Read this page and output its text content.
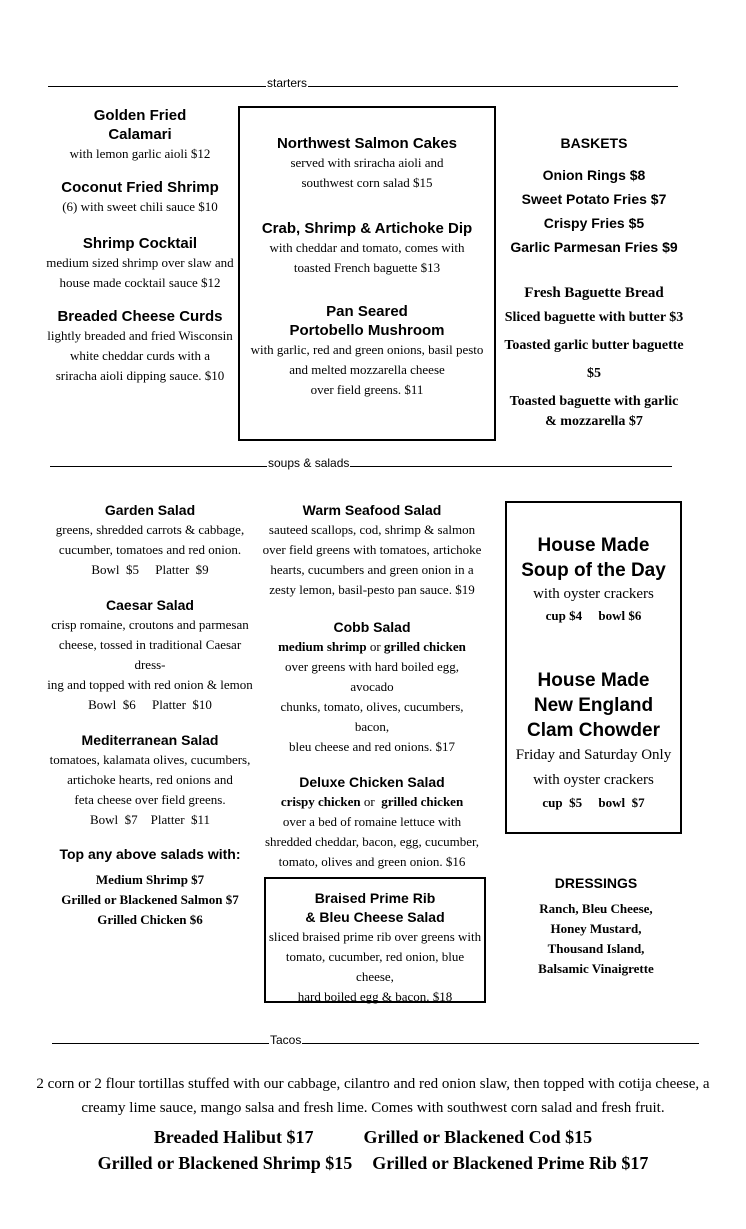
starters
Golden Fried
Calamari
with lemon garlic aioli $12
Coconut Fried Shrimp
(6) with sweet chili sauce $10
Shrimp Cocktail
medium sized shrimp over slaw and
house made cocktail sauce $12
Breaded Cheese Curds
lightly breaded and fried Wisconsin
white cheddar curds with a
sriracha aioli dipping sauce. $10
Northwest Salmon Cakes
served with sriracha aioli and
southwest corn salad $15
Crab, Shrimp & Artichoke Dip
with cheddar and tomato, comes with
toasted French baguette $13
Pan Seared
Portobello Mushroom
with garlic, red and green onions, basil pesto
and melted mozzarella cheese
over field greens. $11
BASKETS
Onion Rings $8
Sweet Potato Fries $7
Crispy Fries $5
Garlic Parmesan Fries $9
Fresh Baguette Bread
Sliced baguette with butter $3
Toasted garlic butter baguette $5
Toasted baguette with garlic
& mozzarella $7
soups & salads
Garden Salad
greens, shredded carrots & cabbage,
cucumber, tomatoes and red onion.
Bowl  $5     Platter  $9
Caesar Salad
crisp romaine, croutons and parmesan
cheese, tossed in traditional Caesar dress-
ing and topped with red onion & lemon
Bowl  $6     Platter  $10
Mediterranean Salad
tomatoes, kalamata olives, cucumbers,
artichoke hearts, red onions and
feta cheese over field greens.
Bowl  $7    Platter  $11
Top any above salads with:
Medium Shrimp $7
Grilled or Blackened Salmon $7
Grilled Chicken $6
Warm Seafood Salad
sauteed scallops, cod, shrimp & salmon
over field greens with tomatoes, artichoke
hearts, cucumbers and green onion in a
zesty lemon, basil-pesto pan sauce. $19
Cobb Salad
medium shrimp or grilled chicken
over greens with hard boiled egg, avocado
chunks, tomato, olives, cucumbers, bacon,
bleu cheese and red onions. $17
Deluxe Chicken Salad
crispy chicken or  grilled chicken
over a bed of romaine lettuce with
shredded cheddar, bacon, egg, cucumber,
tomato, olives and green onion. $16
Braised Prime Rib
& Bleu Cheese Salad
sliced braised prime rib over greens with
tomato, cucumber, red onion, blue cheese,
hard boiled egg & bacon. $18
House Made
Soup of the Day
with oyster crackers
cup $4     bowl $6
House Made
New England
Clam Chowder
Friday and Saturday Only
with oyster crackers
cup  $5     bowl  $7
DRESSINGS
Ranch, Bleu Cheese,
Honey Mustard,
Thousand Island,
Balsamic Vinaigrette
Tacos
2 corn or 2 flour tortillas stuffed with our cabbage, cilantro and red onion slaw, then topped with cotija cheese, a
creamy lime sauce, mango salsa and fresh lime. Comes with southwest corn salad and fresh fruit.
Breaded Halibut $17	Grilled or Blackened Cod $15
Grilled or Blackened Shrimp $15 Grilled or Blackened Prime Rib $17
